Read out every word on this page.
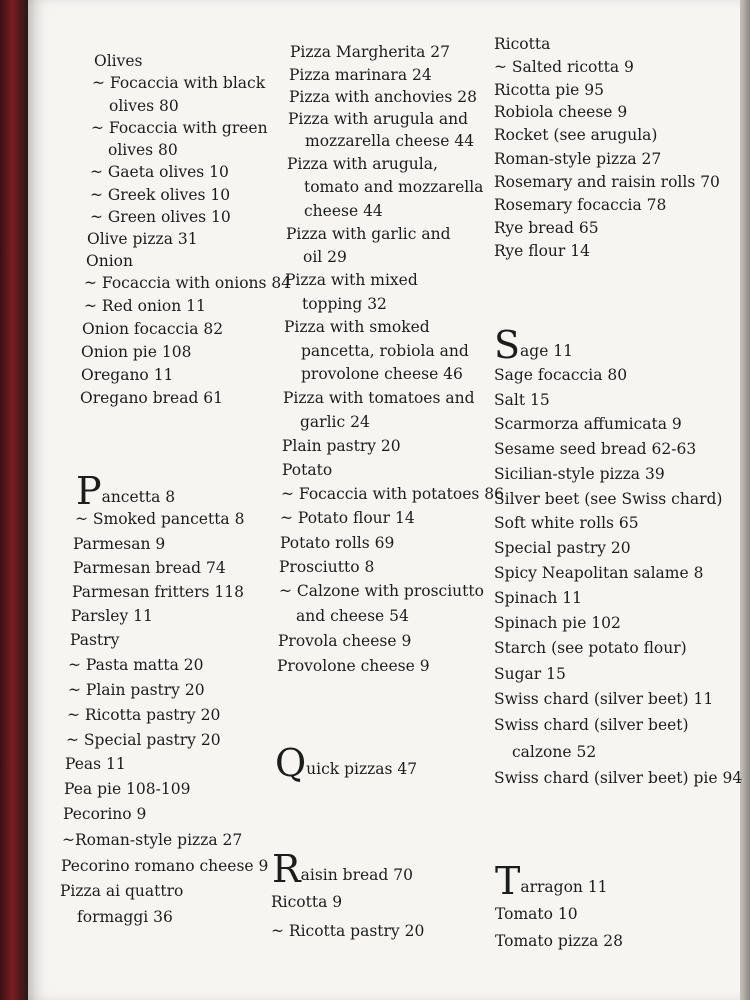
Olives

~ Focaccia with black

olives 80

~ Focaccia with green

olives 80

~ Gaeta olives 10

~ Greek olives 10

~ Green olives 10

Olive pizza 31

Onion

~ Focaccia with onions 84

~ Red onion 11

Onion focaccia 82

Onion pie 108

Oregano 11

Oregano bread 61

Pancetta 8

~ Smoked pancetta 8

Parmesan 9

Parmesan bread 74

Parmesan fritters 118

Parsley 11

Pastry

~ Pasta matta 20

~ Plain pastry 20

~ Ricotta pastry 20

~ Special pastry 20

Peas 11

Pea pie 108-109

Pecorino 9

~Roman-style pizza 27

Pecorino romano cheese 9

Pizza ai quattro

formaggi 36

Pizza Margherita 27

Pizza marinara 24

Pizza with anchovies 28

Pizza with arugula and

mozzarella cheese 44

Pizza with arugula,

tomato and mozzarella

cheese 44

Pizza with garlic and

oil 29

Pizza with mixed

topping 32

Pizza with smoked

pancetta, robiola and

provolone cheese 46

Pizza with tomatoes and

garlic 24

Plain pastry 20

Potato

~ Focaccia with potatoes 86

~ Potato flour 14

Potato rolls 69

Prosciutto 8

~ Calzone with prosciutto

and cheese 54

Provola cheese 9

Provolone cheese 9

Quick pizzas 47

Raisin bread 70

Ricotta 9

~ Ricotta pastry 20

Ricotta

~ Salted ricotta 9

Ricotta pie 95

Robiola cheese 9

Rocket (see arugula)

Roman-style pizza 27

Rosemary and raisin rolls 70

Rosemary focaccia 78

Rye bread 65

Rye flour 14

Sage 11

Sage focaccia 80

Salt 15

Scarmorza affumicata 9

Sesame seed bread 62-63

Sicilian-style pizza 39

Silver beet (see Swiss chard)

Soft white rolls 65

Special pastry 20

Spicy Neapolitan salame 8

Spinach 11

Spinach pie 102

Starch (see potato flour)

Sugar 15

Swiss chard (silver beet) 11

Swiss chard (silver beet)

calzone 52

Swiss chard (silver beet) pie 94

Tarragon 11

Tomato 10

Tomato pizza 28
